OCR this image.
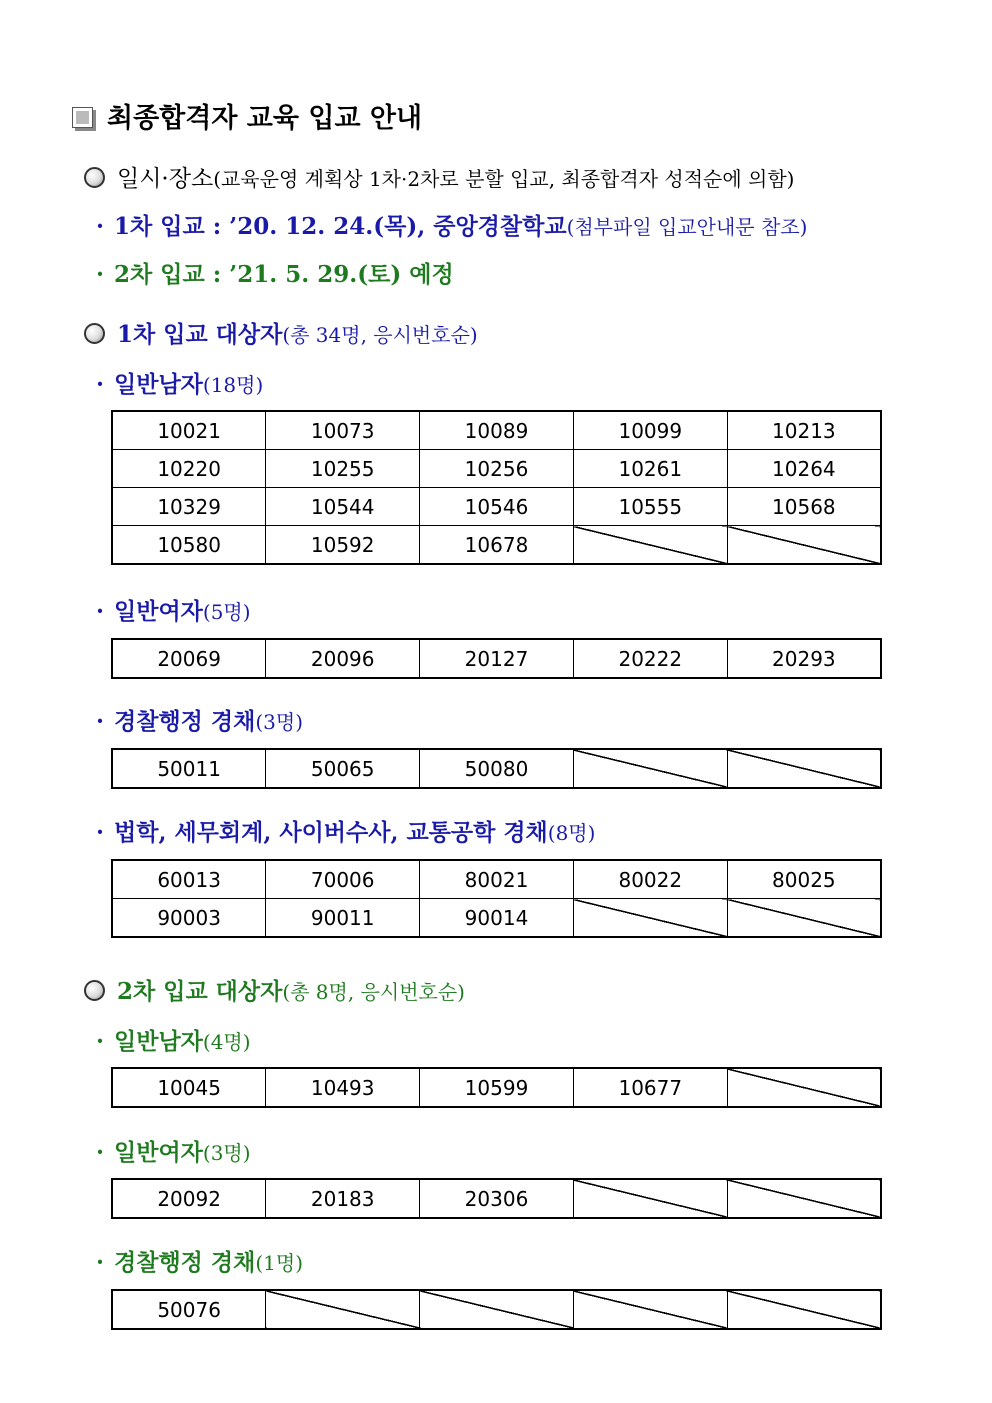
최종합격자 교육 입교 안내
일시·장소(교육운영 계획상 1차·2차로 분할 입교, 최종합격자 성적순에 의함)
· 1차 입교 : ’20. 12. 24.(목), 중앙경찰학교(첨부파일 입교안내문 참조)
· 2차 입교 : ’21. 5. 29.(토) 예정
1차 입교 대상자(총 34명, 응시번호순)
· 일반남자(18명)
10021	10073	10089	10099	10213
10220	10255	10256	10261	10264
10329	10544	10546	10555	10568
10580	10592	10678		
· 일반여자(5명)
20069	20096	20127	20222	20293
· 경찰행정 경채(3명)
50011	50065	50080		
· 법학, 세무회계, 사이버수사, 교통공학 경채(8명)
60013	70006	80021	80022	80025
90003	90011	90014		
2차 입교 대상자(총 8명, 응시번호순)
· 일반남자(4명)
10045	10493	10599	10677	
· 일반여자(3명)
20092	20183	20306		
· 경찰행정 경채(1명)
50076				
